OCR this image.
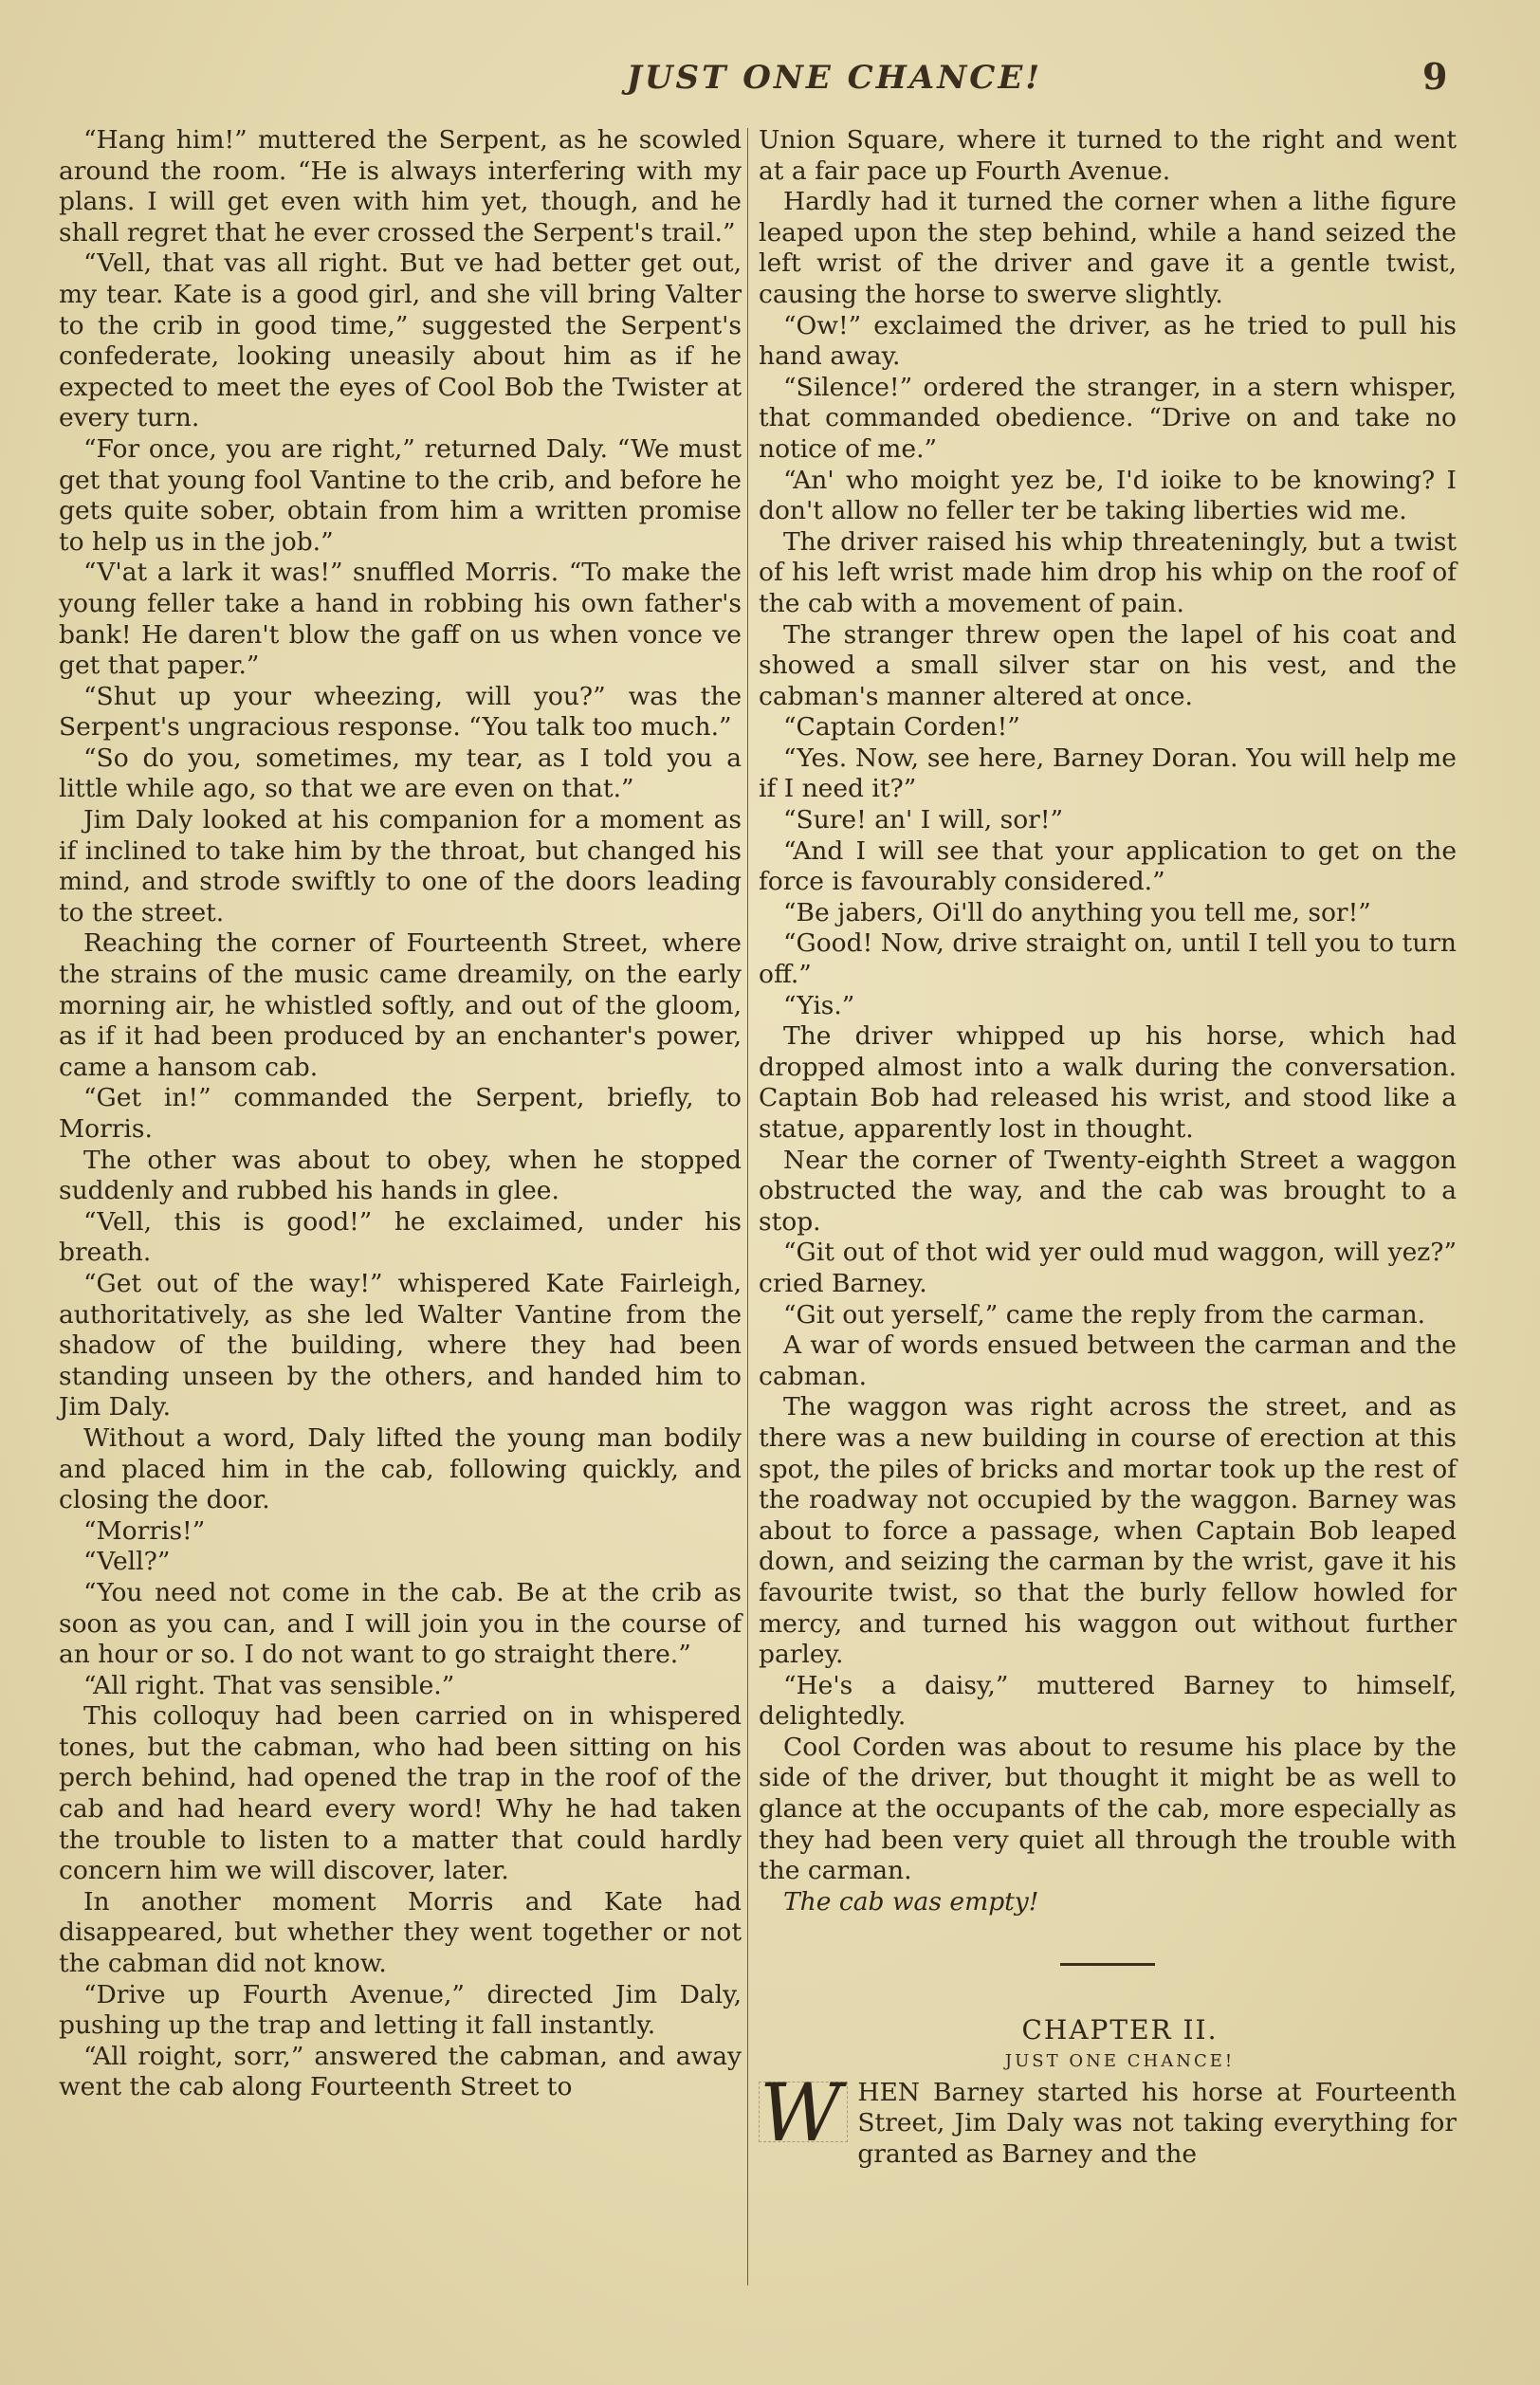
JUST ONE CHANCE!	9

“Hang him!” muttered the Serpent, as he scowled around the room. “He is always interfering with my plans. I will get even with him yet, though, and he shall regret that he ever crossed the Serpent's trail.”

“Vell, that vas all right. But ve had better get out, my tear. Kate is a good girl, and she vill bring Valter to the crib in good time,” suggested the Serpent's confederate, looking uneasily about him as if he expected to meet the eyes of Cool Bob the Twister at every turn.

“For once, you are right,” returned Daly. “We must get that young fool Vantine to the crib, and before he gets quite sober, obtain from him a written promise to help us in the job.”

“V'at a lark it was!” snuffled Morris. “To make the young feller take a hand in robbing his own father's bank! He daren't blow the gaff on us when vonce ve get that paper.”

“Shut up your wheezing, will you?” was the Serpent's ungracious response. “You talk too much.”

“So do you, sometimes, my tear, as I told you a little while ago, so that we are even on that.”

Jim Daly looked at his companion for a moment as if inclined to take him by the throat, but changed his mind, and strode swiftly to one of the doors leading to the street.

Reaching the corner of Fourteenth Street, where the strains of the music came dreamily, on the early morning air, he whistled softly, and out of the gloom, as if it had been produced by an enchanter's power, came a hansom cab.

“Get in!” commanded the Serpent, briefly, to Morris.

The other was about to obey, when he stopped suddenly and rubbed his hands in glee.

“Vell, this is good!” he exclaimed, under his breath.

“Get out of the way!” whispered Kate Fairleigh, authoritatively, as she led Walter Vantine from the shadow of the building, where they had been standing unseen by the others, and handed him to Jim Daly.

Without a word, Daly lifted the young man bodily and placed him in the cab, following quickly, and closing the door.

“Morris!”

“Vell?”

“You need not come in the cab. Be at the crib as soon as you can, and I will join you in the course of an hour or so. I do not want to go straight there.”

“All right. That vas sensible.”

This colloquy had been carried on in whispered tones, but the cabman, who had been sitting on his perch behind, had opened the trap in the roof of the cab and had heard every word! Why he had taken the trouble to listen to a matter that could hardly concern him we will discover, later.

In another moment Morris and Kate had disappeared, but whether they went together or not the cabman did not know.

“Drive up Fourth Avenue,” directed Jim Daly, pushing up the trap and letting it fall instantly.

“All roight, sorr,” answered the cabman, and away went the cab along Fourteenth Street to

Union Square, where it turned to the right and went at a fair pace up Fourth Avenue.

Hardly had it turned the corner when a lithe figure leaped upon the step behind, while a hand seized the left wrist of the driver and gave it a gentle twist, causing the horse to swerve slightly.

“Ow!” exclaimed the driver, as he tried to pull his hand away.

“Silence!” ordered the stranger, in a stern whisper, that commanded obedience. “Drive on and take no notice of me.”

“An' who moight yez be, I'd ioike to be knowing? I don't allow no feller ter be taking liberties wid me.

The driver raised his whip threateningly, but a twist of his left wrist made him drop his whip on the roof of the cab with a movement of pain.

The stranger threw open the lapel of his coat and showed a small silver star on his vest, and the cabman's manner altered at once.

“Captain Corden!”

“Yes. Now, see here, Barney Doran. You will help me if I need it?”

“Sure! an' I will, sor!”

“And I will see that your application to get on the force is favourably considered.”

“Be jabers, Oi'll do anything you tell me, sor!”

“Good! Now, drive straight on, until I tell you to turn off.”

“Yis.”

The driver whipped up his horse, which had dropped almost into a walk during the conversation. Captain Bob had released his wrist, and stood like a statue, apparently lost in thought.

Near the corner of Twenty-eighth Street a waggon obstructed the way, and the cab was brought to a stop.

“Git out of thot wid yer ould mud waggon, will yez?” cried Barney.

“Git out yerself,” came the reply from the carman.

A war of words ensued between the carman and the cabman.

The waggon was right across the street, and as there was a new building in course of erection at this spot, the piles of bricks and mortar took up the rest of the roadway not occupied by the waggon. Barney was about to force a passage, when Captain Bob leaped down, and seizing the carman by the wrist, gave it his favourite twist, so that the burly fellow howled for mercy, and turned his waggon out without further parley.

“He's a daisy,” muttered Barney to himself, delightedly.

Cool Corden was about to resume his place by the side of the driver, but thought it might be as well to glance at the occupants of the cab, more especially as they had been very quiet all through the trouble with the carman.

The cab was empty!

CHAPTER II.

JUST ONE CHANCE!

W HEN Barney started his horse at Fourteenth Street, Jim Daly was not taking everything for granted as Barney and the
